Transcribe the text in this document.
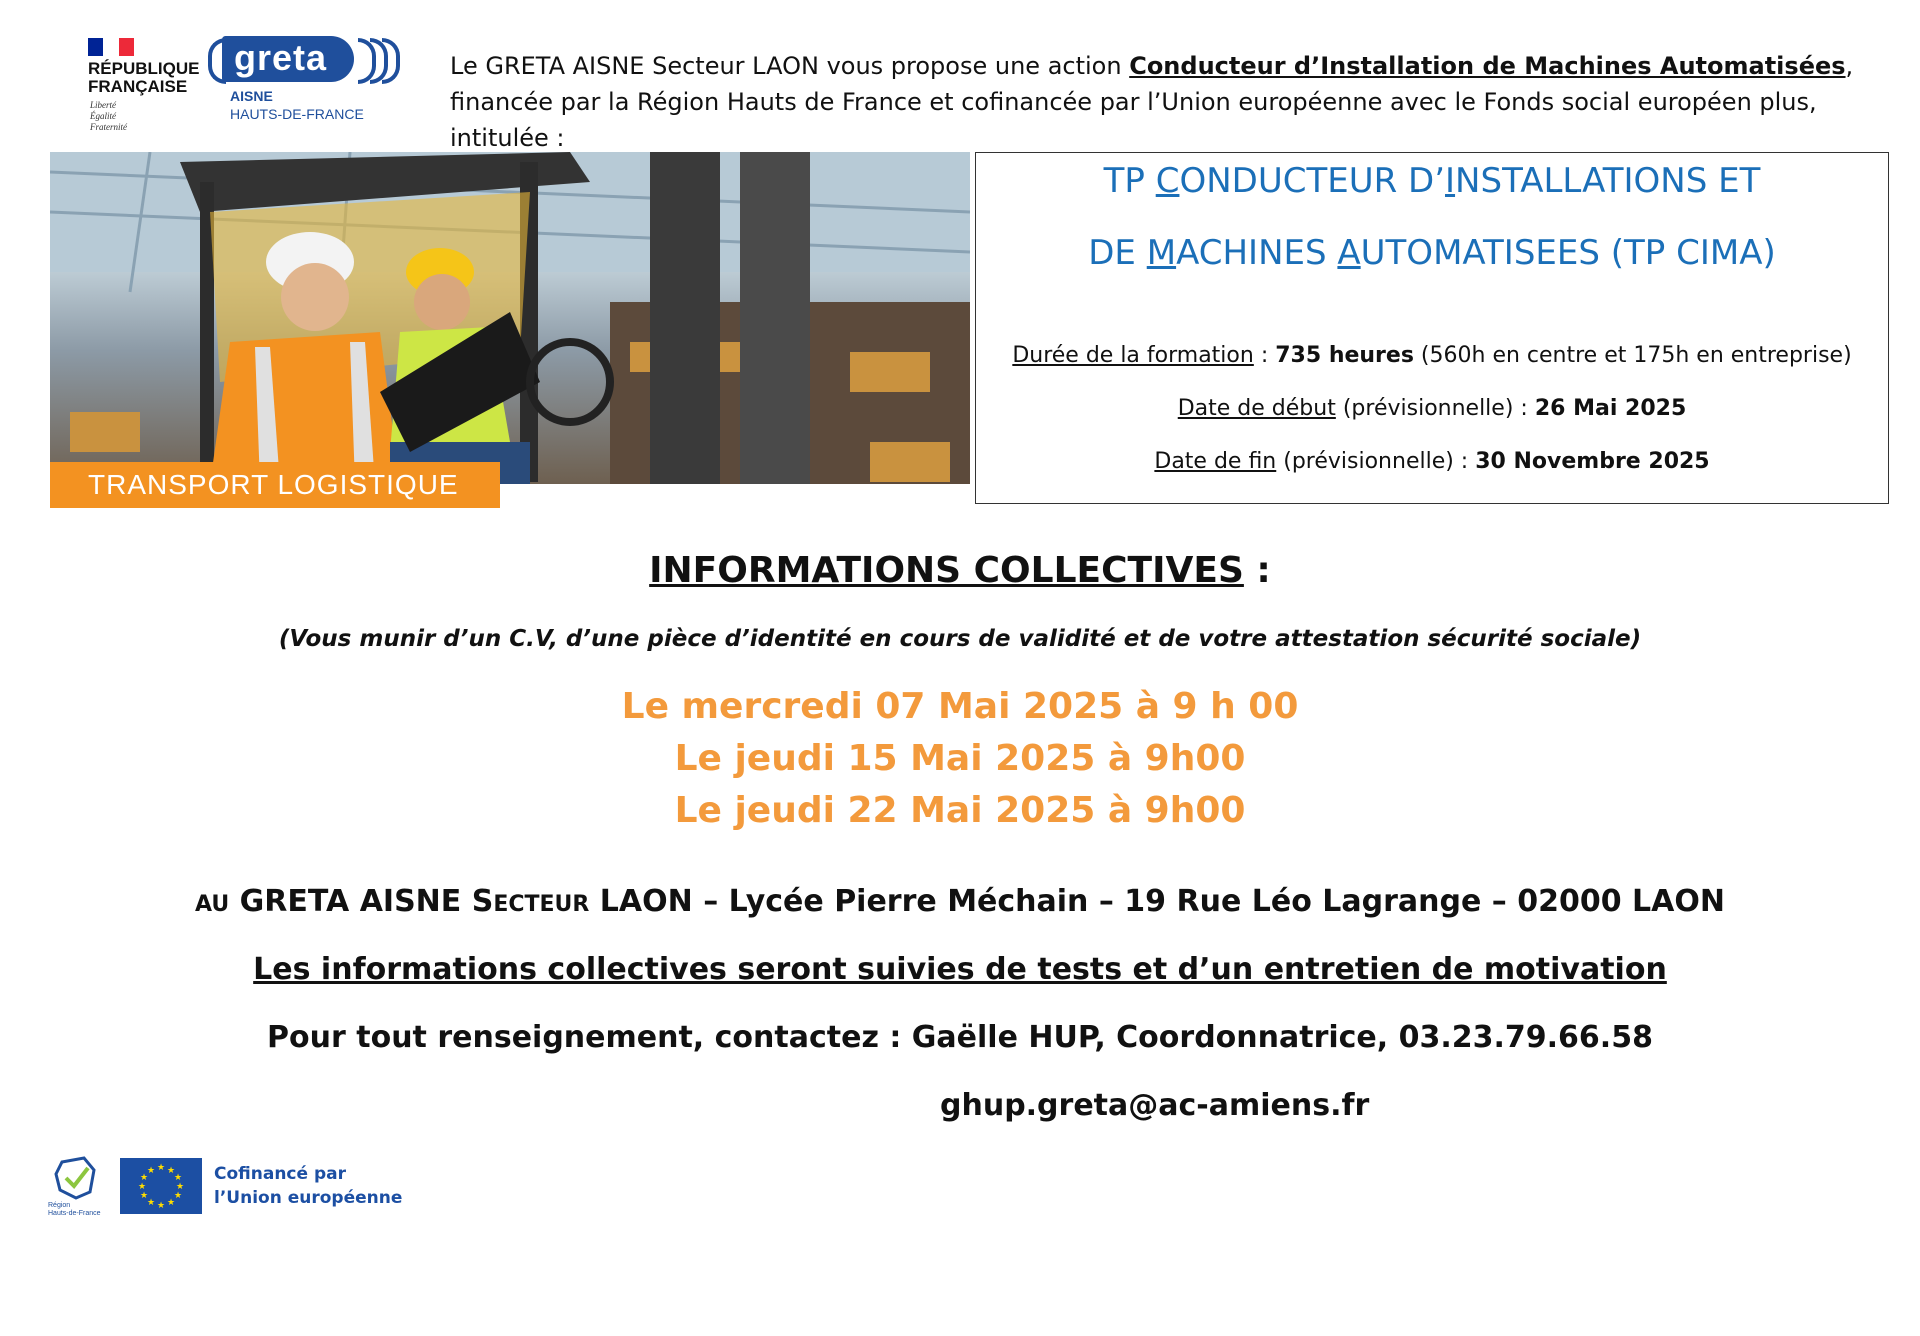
RÉPUBLIQUE
FRANÇAISE
Liberté
Égalité
Fraternité
greta
AISNE
HAUTS-DE-FRANCE
Le GRETA AISNE Secteur LAON vous propose une action Conducteur d’Installation de Machines Automatisées,
financée par la Région Hauts de France et cofinancée par l’Union européenne avec le Fonds social européen plus, intitulée :
TRANSPORT LOGISTIQUE
TP CONDUCTEUR D’INSTALLATIONS ET
DE MACHINES AUTOMATISEES (TP CIMA)
Durée de la formation : 735 heures (560h en centre et 175h en entreprise)
Date de début (prévisionnelle) : 26 Mai 2025
Date de fin (prévisionnelle) : 30 Novembre 2025
INFORMATIONS COLLECTIVES :
(Vous munir d’un C.V, d’une pièce d’identité en cours de validité et de votre attestation sécurité sociale)
Le mercredi 07 Mai 2025 à 9 h 00
Le jeudi 15 Mai 2025 à 9h00
Le jeudi 22 Mai 2025 à 9h00
AU GRETA AISNE SECTEUR LAON – Lycée Pierre Méchain – 19 Rue Léo Lagrange – 02000 LAON
Les informations collectives seront suivies de tests et d’un entretien de motivation
Pour tout renseignement, contactez : Gaëlle HUP, Coordonnatrice, 03.23.79.66.58
ghup.greta@ac-amiens.fr
Région
Hauts-de-France
★ ★
★
★
★
★
★
★
★
★
★
★	Cofinancé par
l’Union européenne
